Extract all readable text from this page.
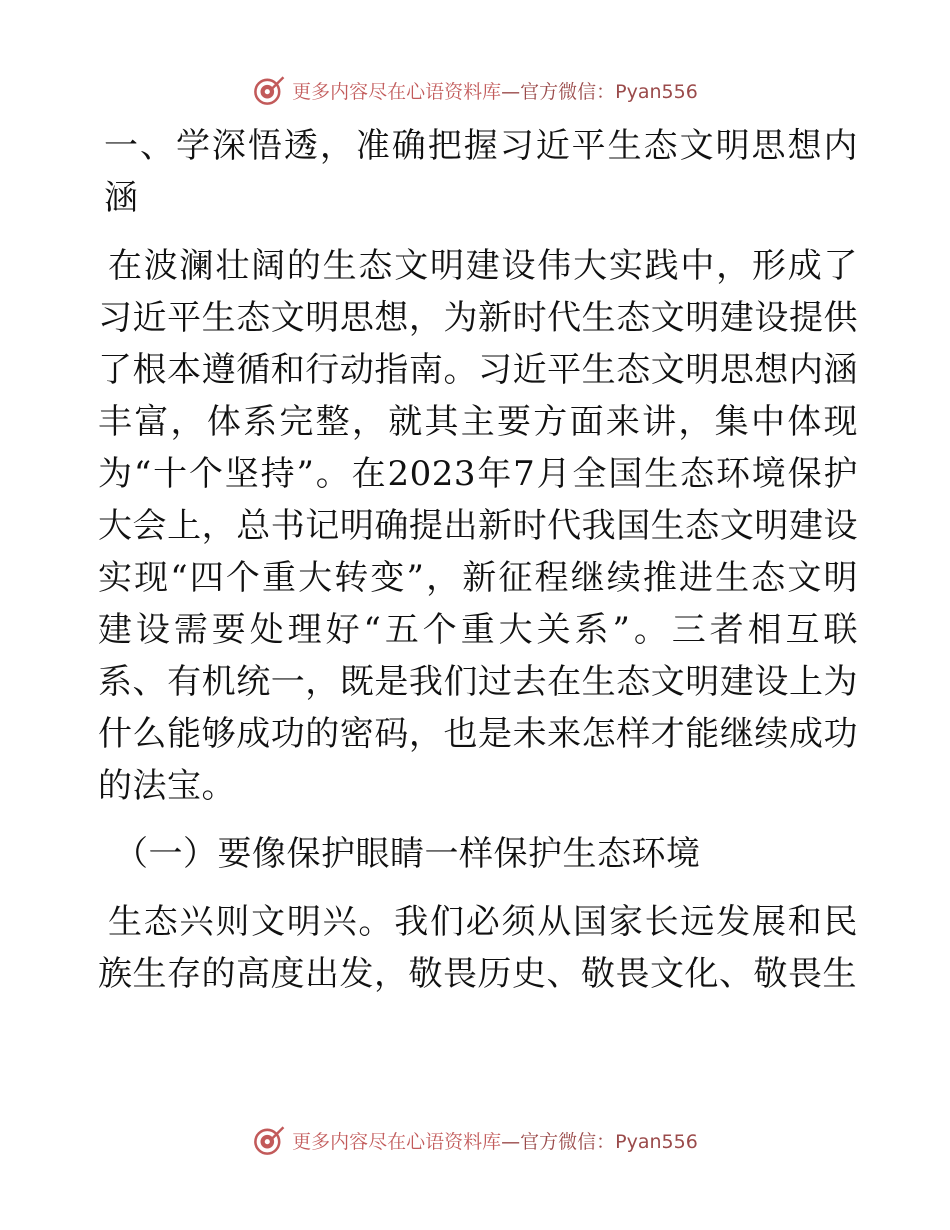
更多内容尽在心语资料库 —官方微信：Pyan556

一、学深悟透，准确把握习近平生态文明思想内涵

在波澜壮阔的生态文明建设伟大实践中，形成了习近平生态文明思想，为新时代生态文明建设提供了根本遵循和行动指南。习近平生态文明思想内涵丰富，体系完整，就其主要方面来讲，集中体现为“十个坚持”。在2023年7月全国生态环境保护大会上，总书记明确提出新时代我国生态文明建设实现“四个重大转变”，新征程继续推进生态文明建设需要处理好“五个重大关系”。三者相互联系、有机统一，既是我们过去在生态文明建设上为什么能够成功的密码，也是未来怎样才能继续成功的法宝。

（一）要像保护眼睛一样保护生态环境

生态兴则文明兴。我们必须从国家长远发展和民族生存的高度出发，敬畏历史、敬畏文化、敬畏生

更多内容尽在心语资料库 —官方微信：Pyan556
